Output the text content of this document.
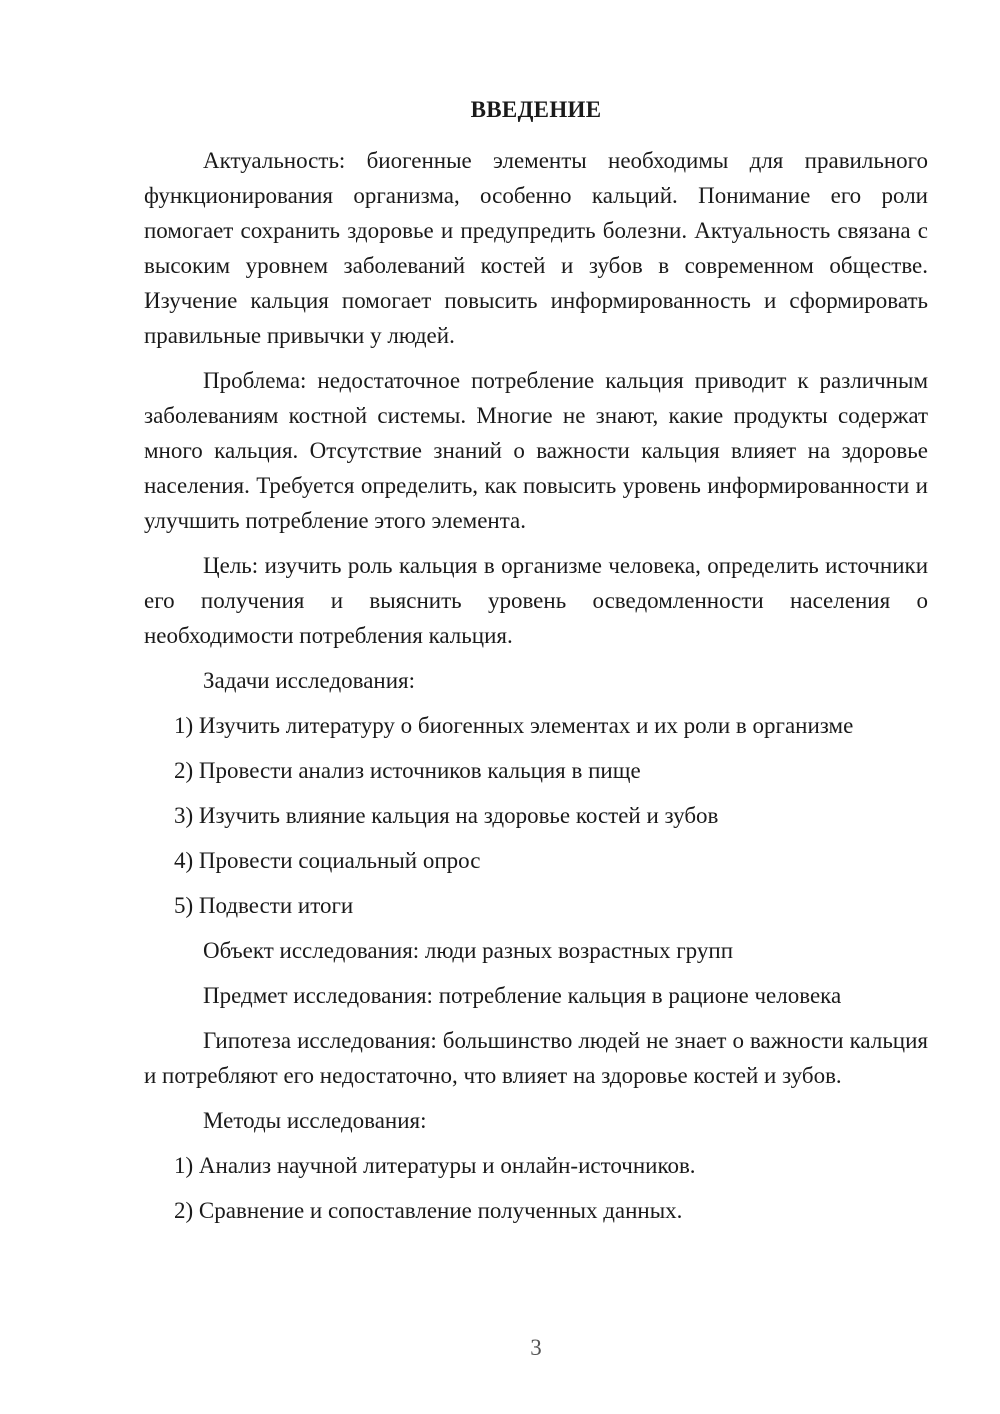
ВВЕДЕНИЕ

Актуальность: биогенные элементы необходимы для правильного функционирования организма, особенно кальций. Понимание его роли помогает сохранить здоровье и предупредить болезни. Актуальность связана с высоким уровнем заболеваний костей и зубов в современном обществе. Изучение кальция помогает повысить информированность и сформировать правильные привычки у людей.

Проблема: недостаточное потребление кальция приводит к различным заболеваниям костной системы. Многие не знают, какие продукты содержат много кальция. Отсутствие знаний о важности кальция влияет на здоровье населения. Требуется определить, как повысить уровень информированности и улучшить потребление этого элемента.

Цель: изучить роль кальция в организме человека, определить источники его получения и выяснить уровень осведомленности населения о необходимости потребления кальция.

Задачи исследования:

1) Изучить литературу о биогенных элементах и их роли в организме
2) Провести анализ источников кальция в пище
3) Изучить влияние кальция на здоровье костей и зубов
4) Провести социальный опрос
5) Подвести итоги

Объект исследования: люди разных возрастных групп

Предмет исследования: потребление кальция в рационе человека

Гипотеза исследования: большинство людей не знает о важности кальция и потребляют его недостаточно, что влияет на здоровье костей и зубов.

Методы исследования:

1) Анализ научной литературы и онлайн-источников.
2) Сравнение и сопоставление полученных данных.
3
